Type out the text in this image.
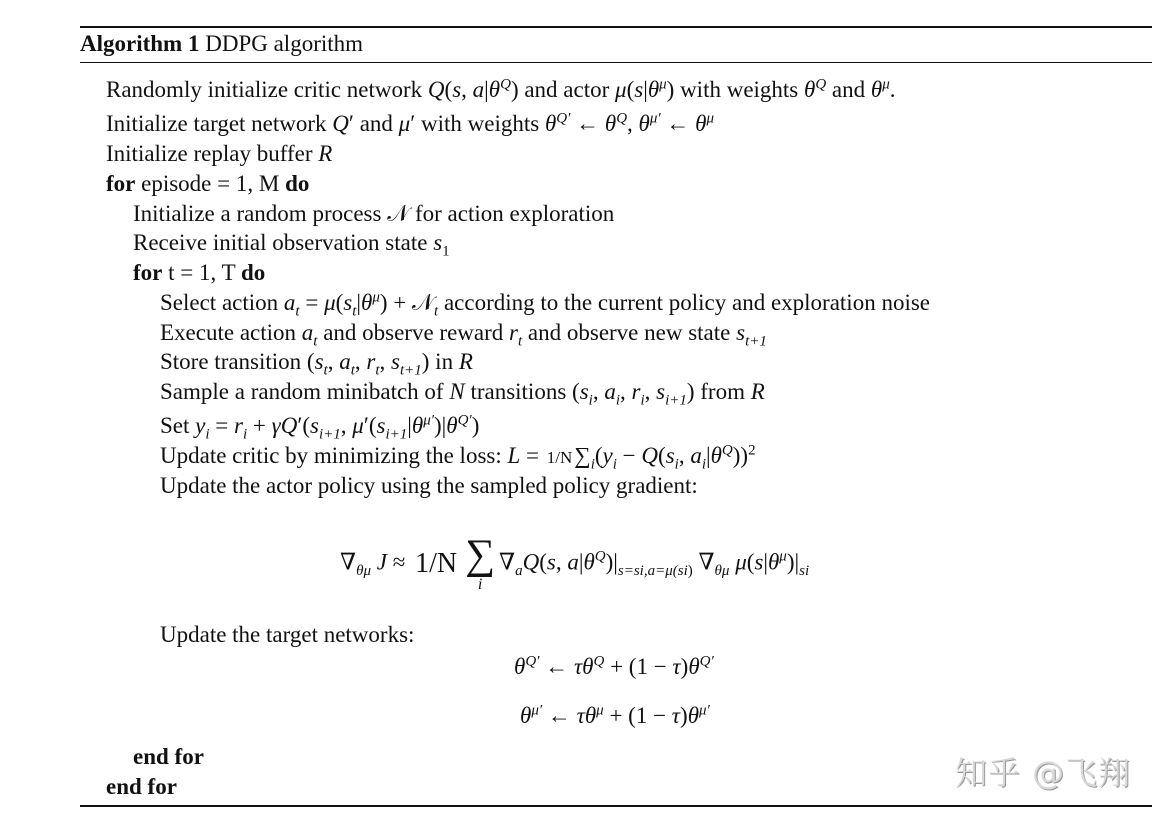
Algorithm 1 DDPG algorithm
Randomly initialize critic network Q(s, $a|\theta^Q$) and actor $\mu(s|\theta^\mu)$ with weights $\theta^Q$ and $\theta^\mu$.
Initialize target network Q′ and μ′ with weights $\theta^{Q'}$ ← $\theta^Q$, $\theta^{\mu'}$ ← $\theta^\mu$
Initialize replay buffer R
for episode = 1, M do
Initialize a random process 𝒩 for action exploration
Receive initial observation state $s_1$
for t = 1, T do
Select action $a_t = \mu(s_t|\theta^\mu)$ + 𝒩$_t$ according to the current policy and exploration noise
Execute action $a_t$ and observe reward $r_t$ and observe new state $s_{t+1}$
Store transition ($s_t$, $a_t$, $r_t$, $s_{t+1}$) in R
Sample a random minibatch of N transitions ($s_i$, $a_i$, $r_i$, $s_{i+1}$) from R
Set $y_i = r_i + \gamma Q'(s_{i+1}$, $\mu'(s_{i+1}|\theta^{\mu'})|\theta^{Q'}$)
Update critic by minimizing the loss: $L = 1/N\sum_i(y_i - Q(s_i$, $a_i|\theta^Q))^2$
Update the actor policy using the sampled policy gradient:
$\nabla_{\theta\mu}$ J ≈ 1/N ∑
i
$\nabla_aQ(s$, $a|\theta^Q)|_{s=si,a=\mu(si)}$ $\nabla_{\theta\mu}$ $\mu(s|\theta^\mu)|_{si}$
Update the target networks:
$\theta^{Q'}$ ← $\tau\theta^Q + (1 - \tau)\theta^{Q'}$
$\theta^{\mu'}$ ← $\tau\theta^\mu + (1 - \tau)\theta^{\mu'}$
end for
end for	知乎 @飞翔
